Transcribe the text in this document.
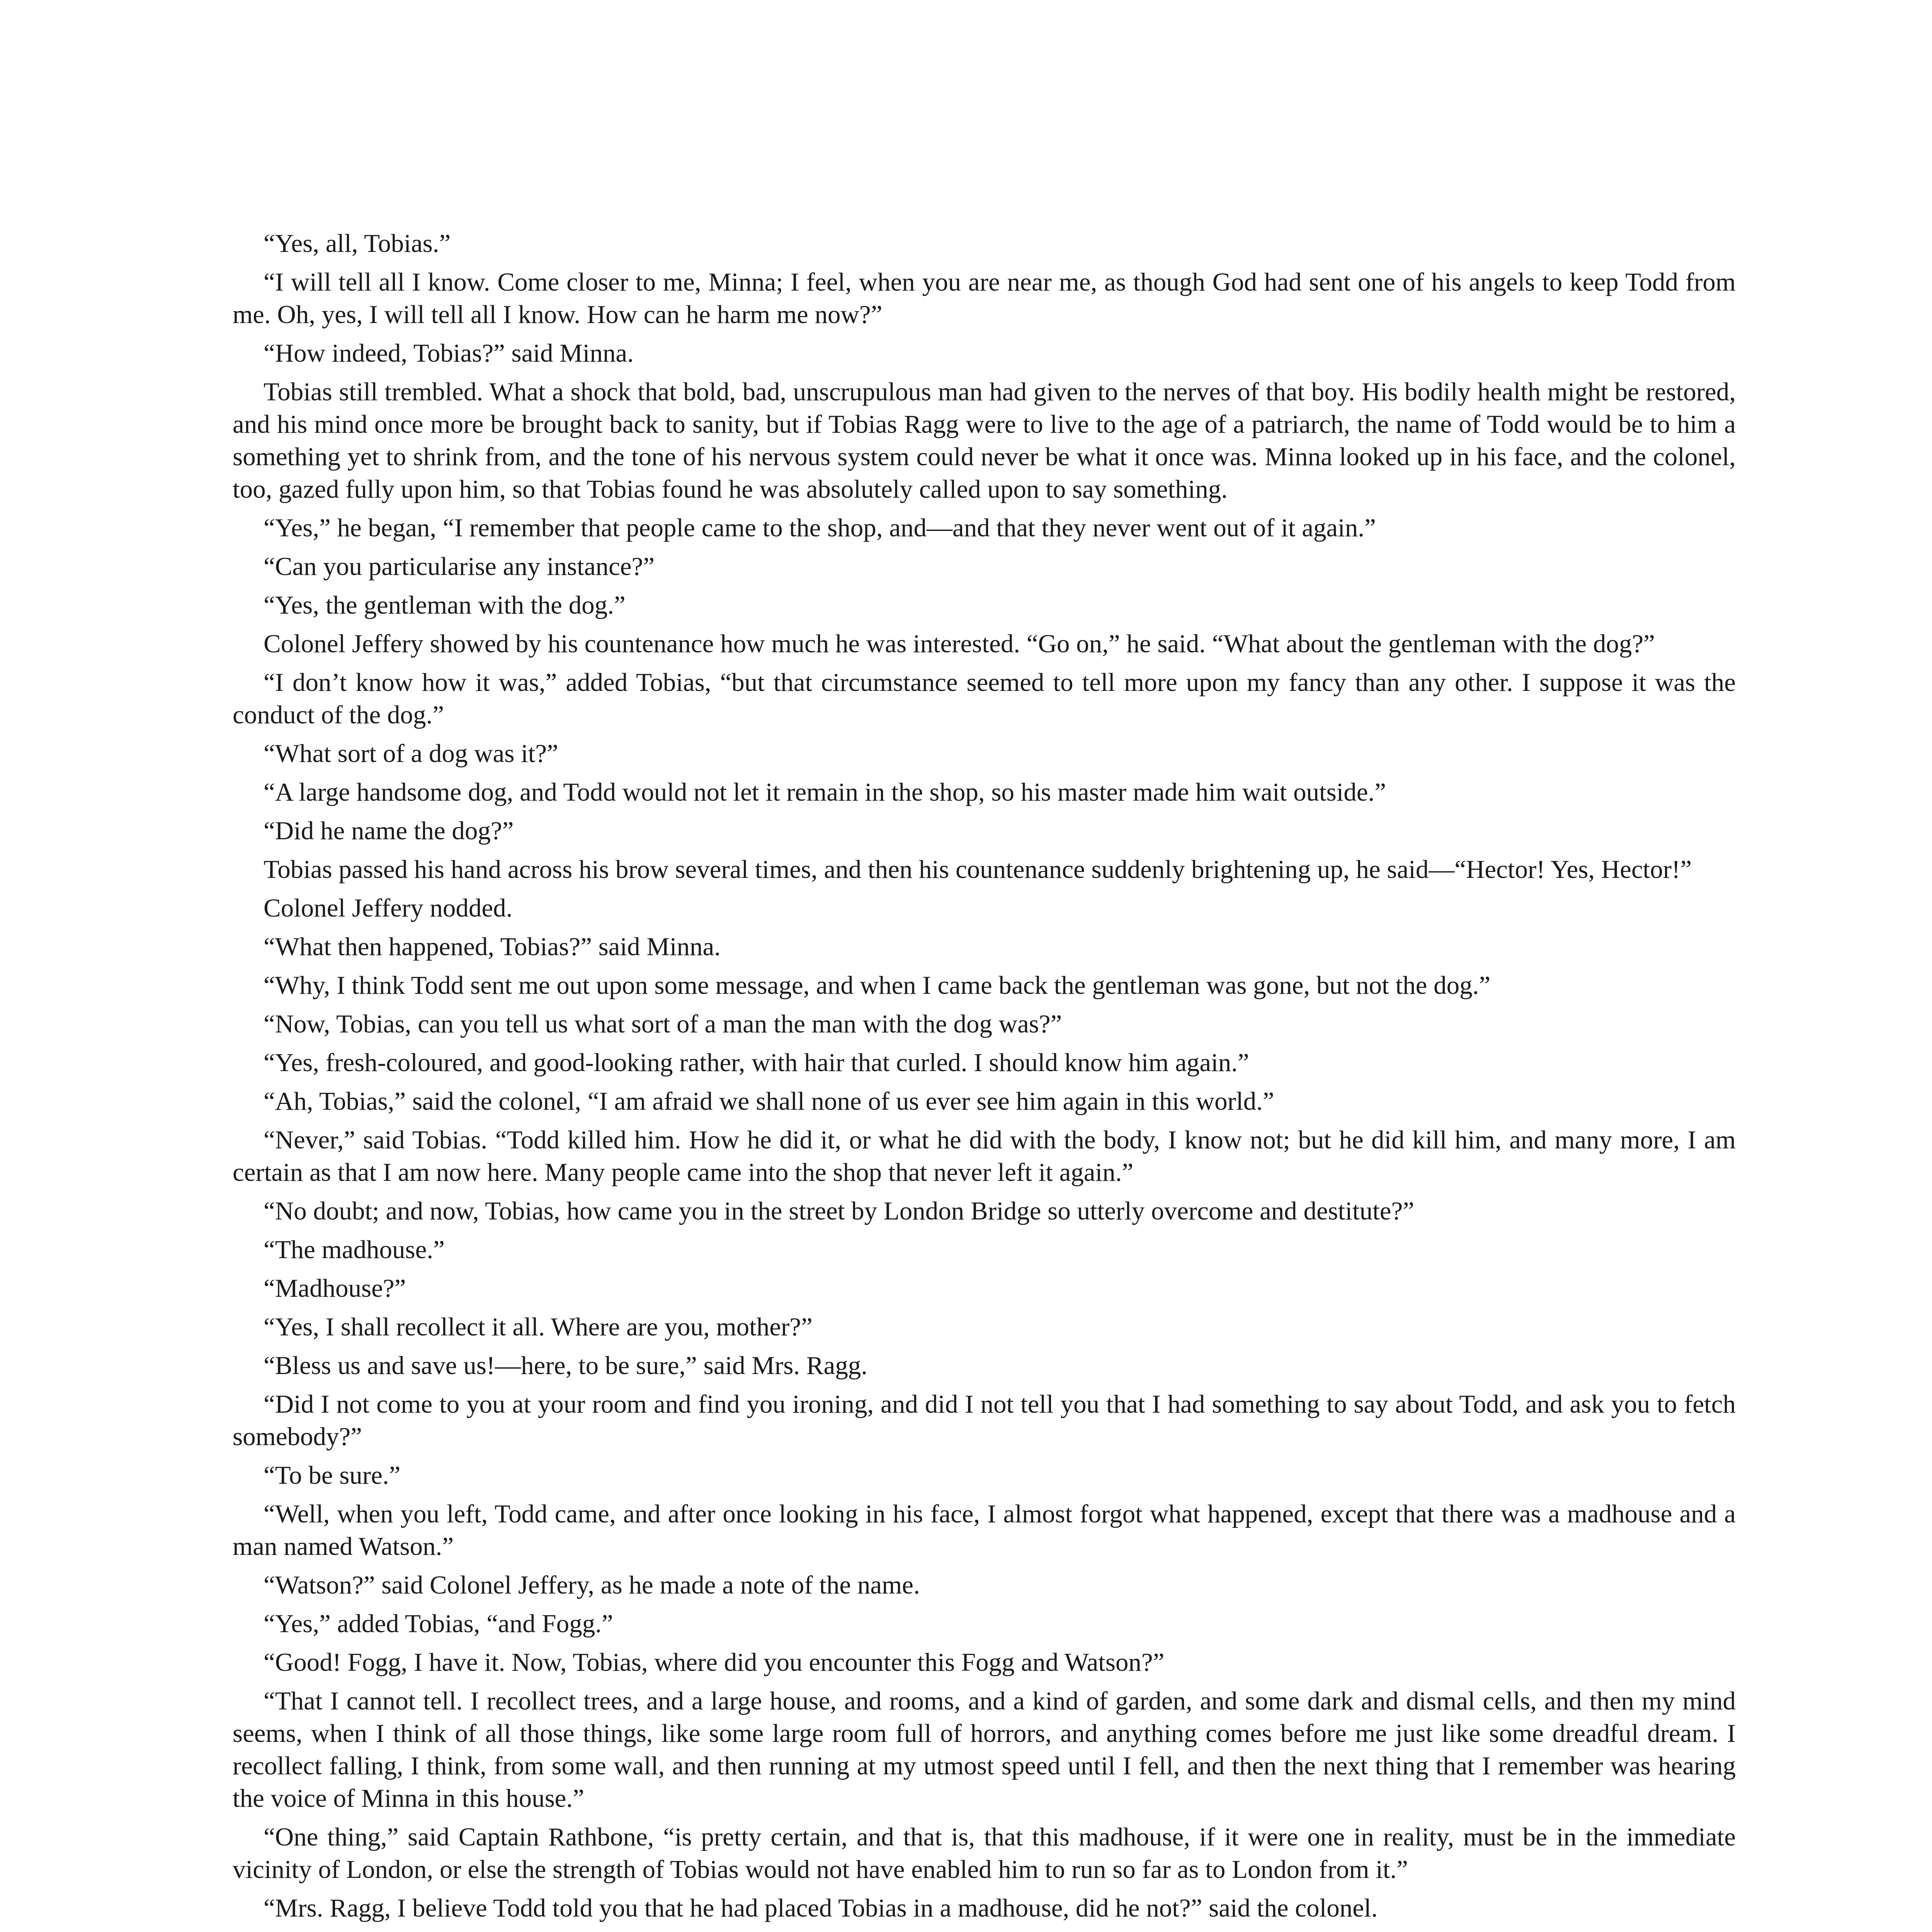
“Yes, all, Tobias.”

“I will tell all I know. Come closer to me, Minna; I feel, when you are near me, as though God had sent one of his angels to keep Todd from me. Oh, yes, I will tell all I know. How can he harm me now?”

“How indeed, Tobias?” said Minna.

Tobias still trembled. What a shock that bold, bad, unscrupulous man had given to the nerves of that boy. His bodily health might be restored, and his mind once more be brought back to sanity, but if Tobias Ragg were to live to the age of a patriarch, the name of Todd would be to him a something yet to shrink from, and the tone of his nervous system could never be what it once was. Minna looked up in his face, and the colonel, too, gazed fully upon him, so that Tobias found he was absolutely called upon to say something.

“Yes,” he began, “I remember that people came to the shop, and—and that they never went out of it again.”

“Can you particularise any instance?”

“Yes, the gentleman with the dog.”

Colonel Jeffery showed by his countenance how much he was interested. “Go on,” he said. “What about the gentleman with the dog?”

“I don’t know how it was,” added Tobias, “but that circumstance seemed to tell more upon my fancy than any other. I suppose it was the conduct of the dog.”

“What sort of a dog was it?”

“A large handsome dog, and Todd would not let it remain in the shop, so his master made him wait outside.”

“Did he name the dog?”

Tobias passed his hand across his brow several times, and then his countenance suddenly brightening up, he said—“Hector! Yes, Hector!”

Colonel Jeffery nodded.

“What then happened, Tobias?” said Minna.

“Why, I think Todd sent me out upon some message, and when I came back the gentleman was gone, but not the dog.”

“Now, Tobias, can you tell us what sort of a man the man with the dog was?”

“Yes, fresh-coloured, and good-looking rather, with hair that curled. I should know him again.”

“Ah, Tobias,” said the colonel, “I am afraid we shall none of us ever see him again in this world.”

“Never,” said Tobias. “Todd killed him. How he did it, or what he did with the body, I know not; but he did kill him, and many more, I am certain as that I am now here. Many people came into the shop that never left it again.”

“No doubt; and now, Tobias, how came you in the street by London Bridge so utterly overcome and destitute?”

“The madhouse.”

“Madhouse?”

“Yes, I shall recollect it all. Where are you, mother?”

“Bless us and save us!—here, to be sure,” said Mrs. Ragg.

“Did I not come to you at your room and find you ironing, and did I not tell you that I had something to say about Todd, and ask you to fetch somebody?”

“To be sure.”

“Well, when you left, Todd came, and after once looking in his face, I almost forgot what happened, except that there was a madhouse and a man named Watson.”

“Watson?” said Colonel Jeffery, as he made a note of the name.

“Yes,” added Tobias, “and Fogg.”

“Good! Fogg, I have it. Now, Tobias, where did you encounter this Fogg and Watson?”

“That I cannot tell. I recollect trees, and a large house, and rooms, and a kind of garden, and some dark and dismal cells, and then my mind seems, when I think of all those things, like some large room full of horrors, and anything comes before me just like some dreadful dream. I recollect falling, I think, from some wall, and then running at my utmost speed until I fell, and then the next thing that I remember was hearing the voice of Minna in this house.”

“One thing,” said Captain Rathbone, “is pretty certain, and that is, that this madhouse, if it were one in reality, must be in the immediate vicinity of London, or else the strength of Tobias would not have enabled him to run so far as to London from it.”

“Mrs. Ragg, I believe Todd told you that he had placed Tobias in a madhouse, did he not?” said the colonel.
